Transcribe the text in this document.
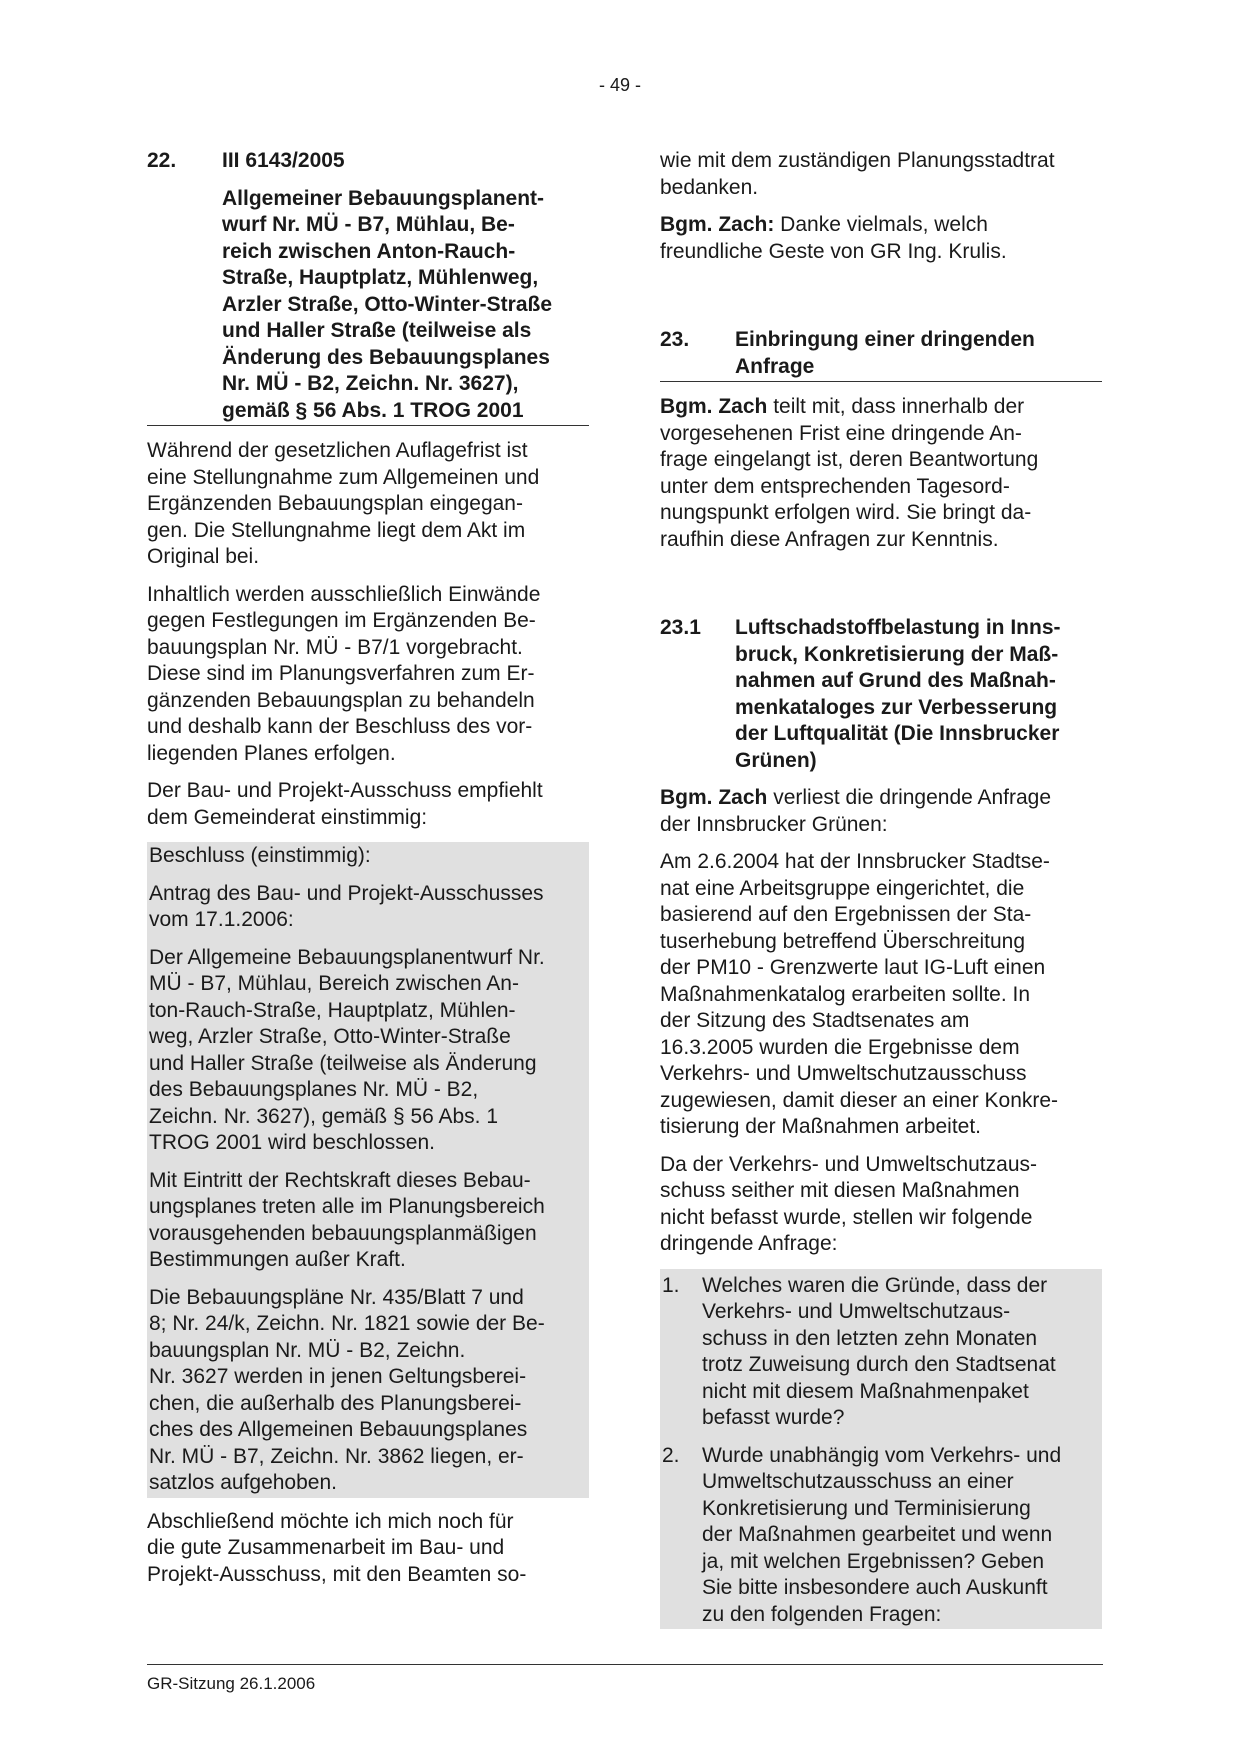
- 49 -
22.	III 6143/2005
Allgemeiner Bebauungsplanent-
wurf Nr. MÜ - B7, Mühlau, Be-
reich zwischen Anton-Rauch-
Straße, Hauptplatz, Mühlenweg,
Arzler Straße, Otto-Winter-Straße
und Haller Straße (teilweise als
Änderung des Bebauungsplanes
Nr. MÜ - B2, Zeichn. Nr. 3627),
gemäß § 56 Abs. 1 TROG 2001

Während der gesetzlichen Auflagefrist ist
eine Stellungnahme zum Allgemeinen und
Ergänzenden Bebauungsplan eingegan-
gen. Die Stellungnahme liegt dem Akt im
Original bei.

Inhaltlich werden ausschließlich Einwände
gegen Festlegungen im Ergänzenden Be-
bauungsplan Nr. MÜ - B7/1 vorgebracht.
Diese sind im Planungsverfahren zum Er-
gänzenden Bebauungsplan zu behandeln
und deshalb kann der Beschluss des vor-
liegenden Planes erfolgen.

Der Bau- und Projekt-Ausschuss empfiehlt
dem Gemeinderat einstimmig:

Beschluss (einstimmig):

Antrag des Bau- und Projekt-Ausschusses
vom 17.1.2006:

Der Allgemeine Bebauungsplanentwurf Nr.
MÜ - B7, Mühlau, Bereich zwischen An-
ton-Rauch-Straße, Hauptplatz, Mühlen-
weg, Arzler Straße, Otto-Winter-Straße
und Haller Straße (teilweise als Änderung
des Bebauungsplanes Nr. MÜ - B2,
Zeichn. Nr. 3627), gemäß § 56 Abs. 1
TROG 2001 wird beschlossen.

Mit Eintritt der Rechtskraft dieses Bebau-
ungsplanes treten alle im Planungsbereich
vorausgehenden bebauungsplanmäßigen
Bestimmungen außer Kraft.

Die Bebauungspläne Nr. 435/Blatt 7 und
8; Nr. 24/k, Zeichn. Nr. 1821 sowie der Be-
bauungsplan Nr. MÜ - B2, Zeichn.
Nr. 3627 werden in jenen Geltungsberei-
chen, die außerhalb des Planungsberei-
ches des Allgemeinen Bebauungsplanes
Nr. MÜ - B7, Zeichn. Nr. 3862 liegen, er-
satzlos aufgehoben.

Abschließend möchte ich mich noch für
die gute Zusammenarbeit im Bau- und
Projekt-Ausschuss, mit den Beamten so-

wie mit dem zuständigen Planungsstadtrat
bedanken.

Bgm. Zach: Danke vielmals, welch
freundliche Geste von GR Ing. Krulis.

23.	Einbringung einer dringenden
Anfrage

Bgm. Zach teilt mit, dass innerhalb der
vorgesehenen Frist eine dringende An-
frage eingelangt ist, deren Beantwortung
unter dem entsprechenden Tagesord-
nungspunkt erfolgen wird. Sie bringt da-
raufhin diese Anfragen zur Kenntnis.

23.1	Luftschadstoffbelastung in Inns-
bruck, Konkretisierung der Maß-
nahmen auf Grund des Maßnah-
menkataloges zur Verbesserung
der Luftqualität (Die Innsbrucker
Grünen)

Bgm. Zach verliest die dringende Anfrage
der Innsbrucker Grünen:

Am 2.6.2004 hat der Innsbrucker Stadtse-
nat eine Arbeitsgruppe eingerichtet, die
basierend auf den Ergebnissen der Sta-
tuserhebung betreffend Überschreitung
der PM10 - Grenzwerte laut IG-Luft einen
Maßnahmenkatalog erarbeiten sollte. In
der Sitzung des Stadtsenates am
16.3.2005 wurden die Ergebnisse dem
Verkehrs- und Umweltschutzausschuss
zugewiesen, damit dieser an einer Konkre-
tisierung der Maßnahmen arbeitet.

Da der Verkehrs- und Umweltschutzaus-
schuss seither mit diesen Maßnahmen
nicht befasst wurde, stellen wir folgende
dringende Anfrage:

1.	Welches waren die Gründe, dass der
Verkehrs- und Umweltschutzaus-
schuss in den letzten zehn Monaten
trotz Zuweisung durch den Stadtsenat
nicht mit diesem Maßnahmenpaket
befasst wurde?
2.	Wurde unabhängig vom Verkehrs- und
Umweltschutzausschuss an einer
Konkretisierung und Terminisierung
der Maßnahmen gearbeitet und wenn
ja, mit welchen Ergebnissen? Geben
Sie bitte insbesondere auch Auskunft
zu den folgenden Fragen:
GR-Sitzung 26.1.2006
